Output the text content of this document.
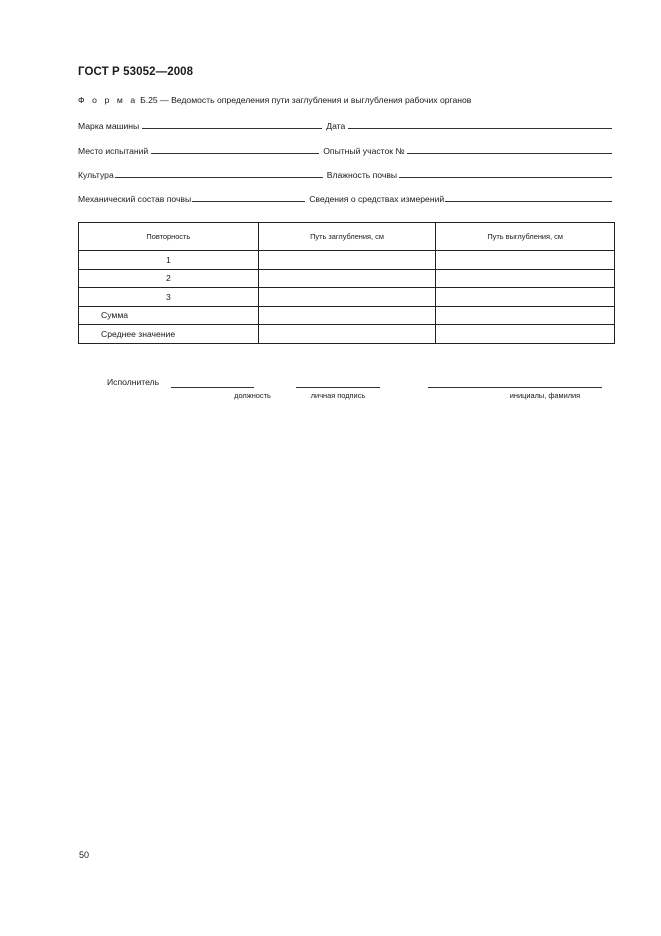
ГОСТ Р 53052—2008
Ф о р м а Б.25 — Ведомость определения пути заглубления и выглубления рабочих органов
Марка машины	Дата
Место испытаний	Опытный участок №
Культура	Влажность почвы
Механический состав почвы	Сведения о средствах измерений
Повторность	Путь заглубления, см	Путь выглубления, см
1		
2		
3		
Сумма		
Среднее значение		
Исполнитель
должность	личная подпись	инициалы, фамилия
50
